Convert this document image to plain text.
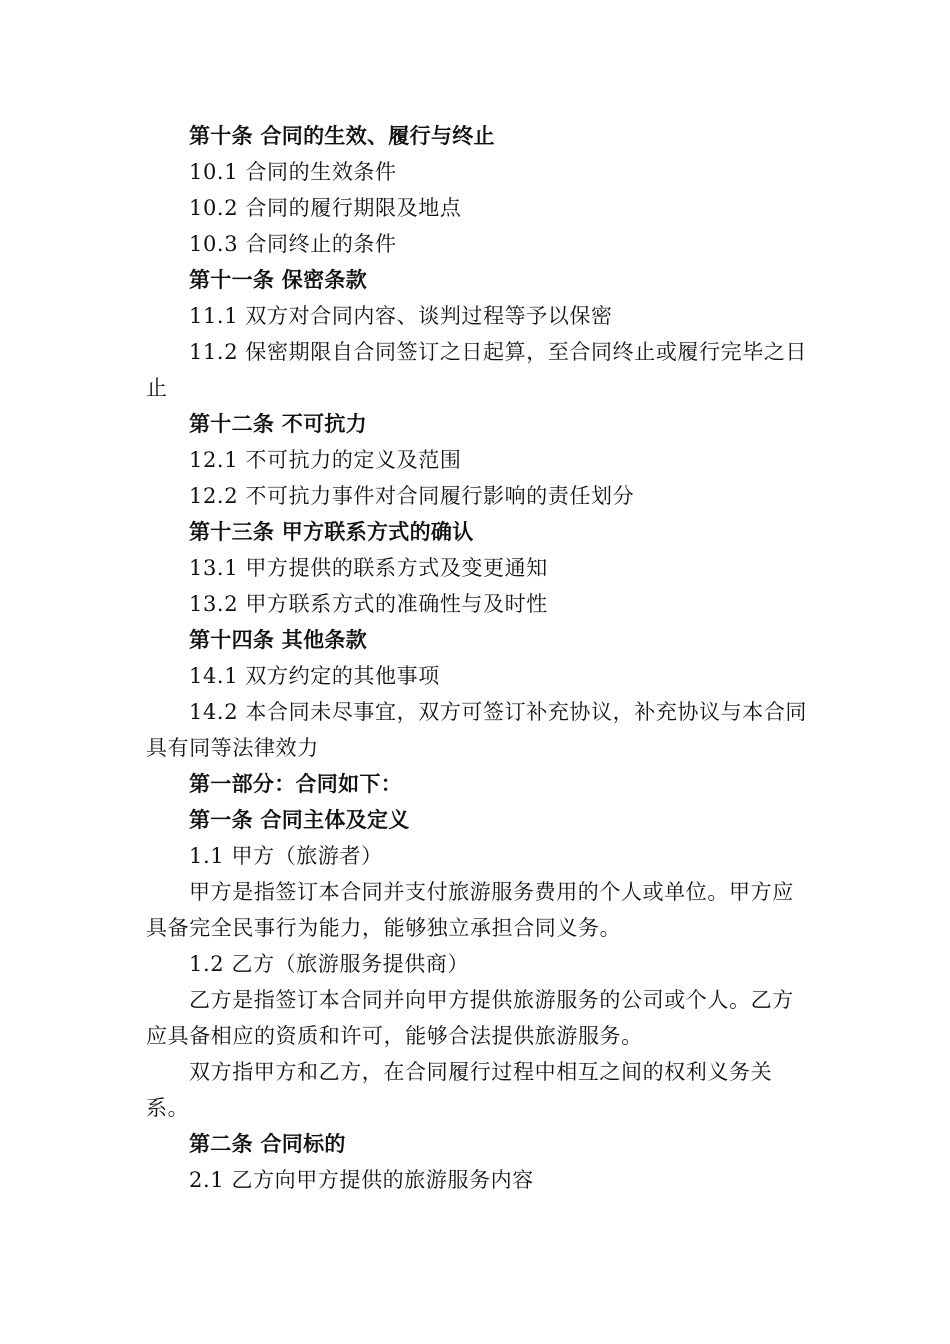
第十条 合同的生效、履行与终止

10.1 合同的生效条件

10.2 合同的履行期限及地点

10.3 合同终止的条件

第十一条 保密条款

11.1 双方对合同内容、谈判过程等予以保密

11.2 保密期限自合同签订之日起算，至合同终止或履行完毕之日止

第十二条 不可抗力

12.1 不可抗力的定义及范围

12.2 不可抗力事件对合同履行影响的责任划分

第十三条 甲方联系方式的确认

13.1 甲方提供的联系方式及变更通知

13.2 甲方联系方式的准确性与及时性

第十四条 其他条款

14.1 双方约定的其他事项

14.2 本合同未尽事宜，双方可签订补充协议，补充协议与本合同具有同等法律效力

第一部分：合同如下：

第一条 合同主体及定义

1.1 甲方（旅游者）

甲方是指签订本合同并支付旅游服务费用的个人或单位。甲方应具备完全民事行为能力，能够独立承担合同义务。

1.2 乙方（旅游服务提供商）

乙方是指签订本合同并向甲方提供旅游服务的公司或个人。乙方应具备相应的资质和许可，能够合法提供旅游服务。

双方指甲方和乙方，在合同履行过程中相互之间的权利义务关系。

第二条 合同标的

2.1 乙方向甲方提供的旅游服务内容
